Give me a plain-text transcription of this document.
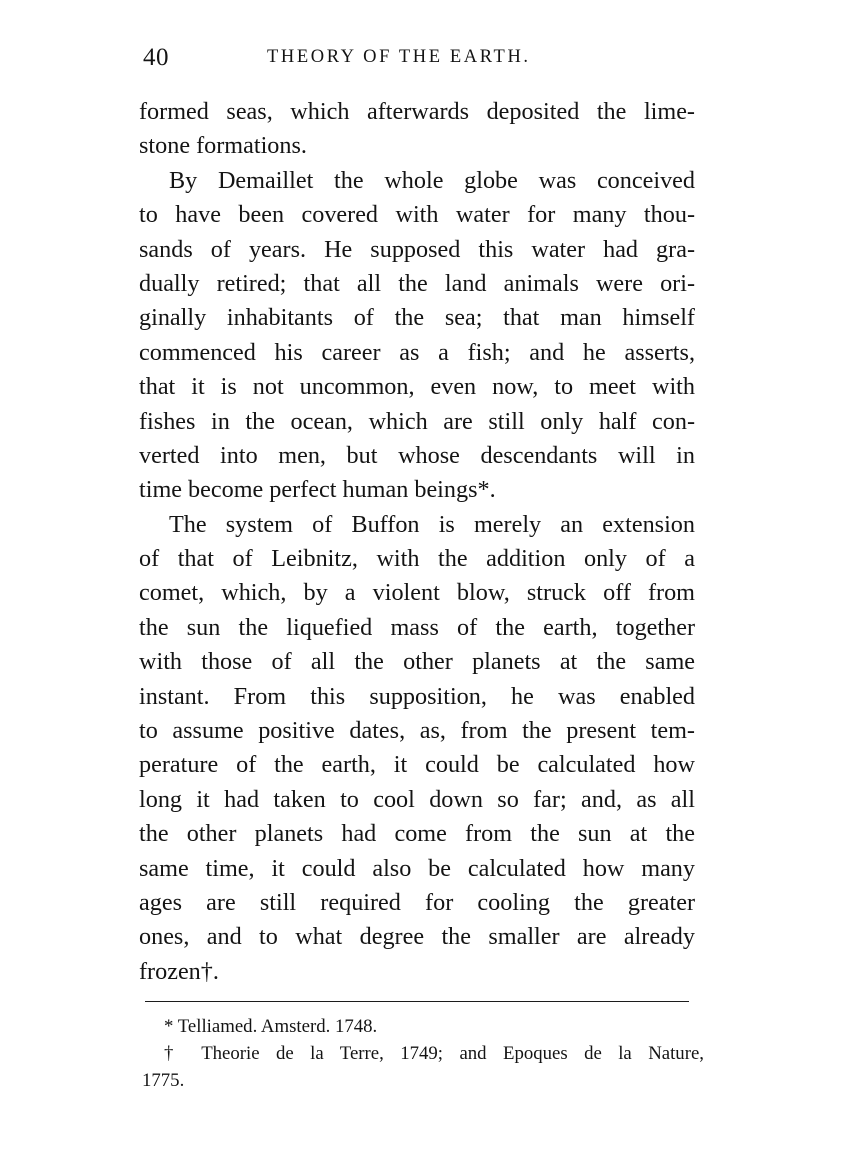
40	THEORY OF THE EARTH.
formed seas, which afterwards deposited the lime-
stone formations.
By Demaillet the whole globe was conceived
to have been covered with water for many thou-
sands of years. He supposed this water had gra-
dually retired; that all the land animals were ori-
ginally inhabitants of the sea; that man himself
commenced his career as a fish; and he asserts,
that it is not uncommon, even now, to meet with
fishes in the ocean, which are still only half con-
verted into men, but whose descendants will in
time become perfect human beings*.
The system of Buffon is merely an extension
of that of Leibnitz, with the addition only of a
comet, which, by a violent blow, struck off from
the sun the liquefied mass of the earth, together
with those of all the other planets at the same
instant. From this supposition, he was enabled
to assume positive dates, as, from the present tem-
perature of the earth, it could be calculated how
long it had taken to cool down so far; and, as all
the other planets had come from the sun at the
same time, it could also be calculated how many
ages are still required for cooling the greater
ones, and to what degree the smaller are already
frozen†.
* Telliamed. Amsterd. 1748.
† Theorie de la Terre, 1749; and Epoques de la Nature,
1775.
